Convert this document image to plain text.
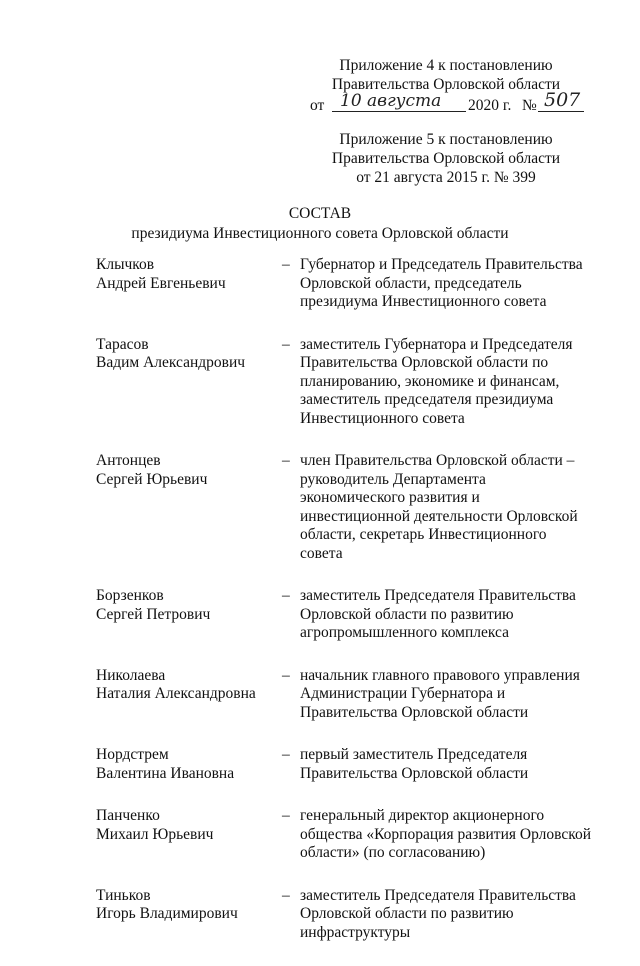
Приложение 4 к постановлению
Правительства Орловской области
от 10 августа 2020 г. № 507
Приложение 5 к постановлению
Правительства Орловской области
от 21 августа 2015 г. № 399
СОСТАВ
президиума Инвестиционного совета Орловской области
Клычков
Андрей Евгеньевич
– Губернатор и Председатель Правительства
Орловской области, председатель
президиума Инвестиционного совета
Тарасов
Вадим Александрович
– заместитель Губернатора и Председателя
Правительства Орловской области по
планированию, экономике и финансам,
заместитель председателя президиума
Инвестиционного совета
Антонцев
Сергей Юрьевич
– член Правительства Орловской области –
руководитель Департамента
экономического развития и
инвестиционной деятельности Орловской
области, секретарь Инвестиционного совета
Борзенков
Сергей Петрович
– заместитель Председателя Правительства
Орловской области по развитию
агропромышленного комплекса
Николаева
Наталия Александровна
– начальник главного правового управления
Администрации Губернатора и
Правительства Орловской области
Нордстрем
Валентина Ивановна
– первый заместитель Председателя
Правительства Орловской области
Панченко
Михаил Юрьевич
– генеральный директор акционерного
общества «Корпорация развития Орловской
области» (по согласованию)
Тиньков
Игорь Владимирович
– заместитель Председателя Правительства
Орловской области по развитию
инфраструктуры
